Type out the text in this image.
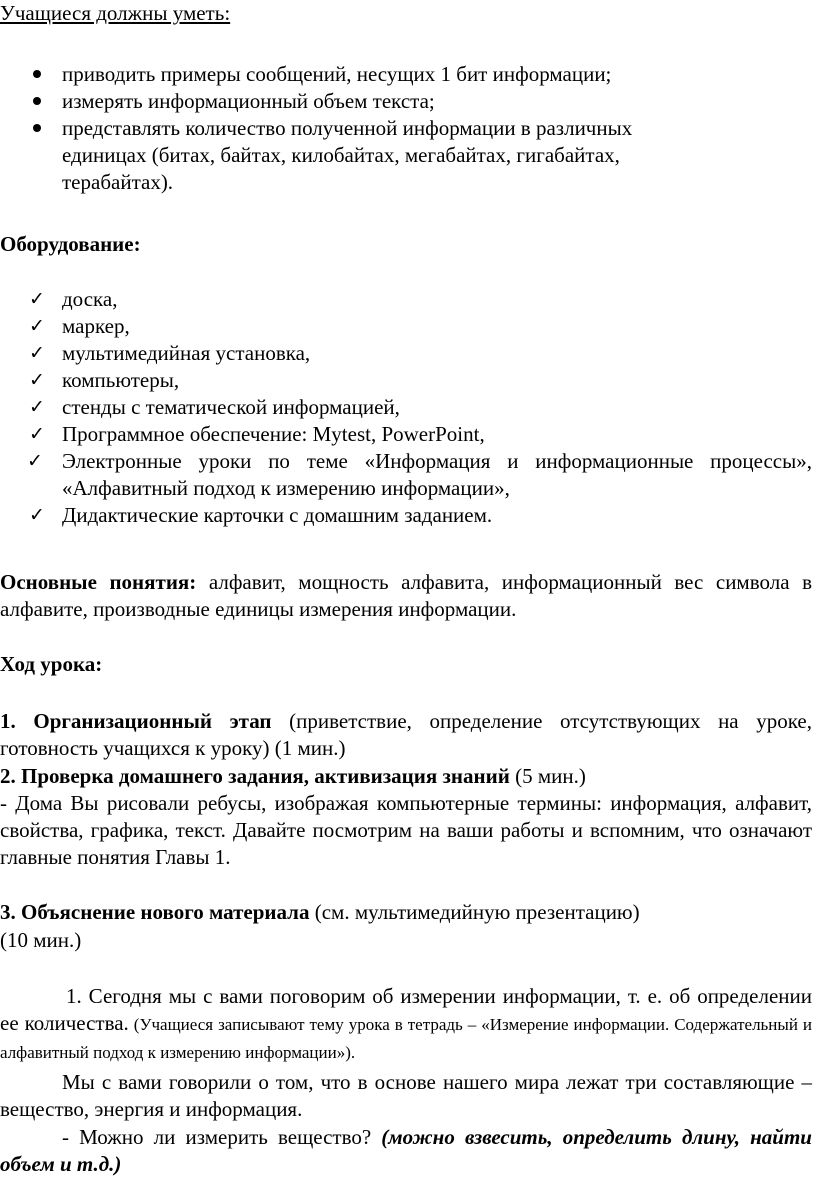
Учащиеся должны уметь:

приводить примеры сообщений, несущих 1 бит информации;
измерять информационный объем текста;
представлять количество полученной информации в различных единицах (битах, байтах, килобайтах, мегабайтах, гигабайтах, терабайтах).

Оборудование:

✓ доска,
✓ маркер,
✓ мультимедийная установка,
✓ компьютеры,
✓ стенды с тематической информацией,
✓ Программное обеспечение: Mytest, PowerPoint,
✓ Электронные уроки по теме «Информация и информационные процессы», «Алфавитный подход к измерению информации»,
✓ Дидактические карточки с домашним заданием.

Основные понятия: алфавит, мощность алфавита, информационный вес символа в алфавите, производные единицы измерения информации.

Ход урока:

1. Организационный этап (приветствие, определение отсутствующих на уроке, готовность учащихся к уроку) (1 мин.)

2. Проверка домашнего задания, активизация знаний (5 мин.)

- Дома Вы рисовали ребусы, изображая компьютерные термины: информация, алфавит, свойства, графика, текст. Давайте посмотрим на ваши работы и вспомним, что означают главные понятия Главы 1.

3. Объяснение нового материала (см. мультимедийную презентацию)

(10 мин.)

1. Сегодня мы с вами поговорим об измерении информации, т. е. об определении ее количества. (Учащиеся записывают тему урока в тетрадь – «Измерение информации. Содержательный и алфавитный подход к измерению информации»).

Мы с вами говорили о том, что в основе нашего мира лежат три составляющие – вещество, энергия и информация.

- Можно ли измерить вещество? (можно взвесить, определить длину, найти объем и т.д.)
